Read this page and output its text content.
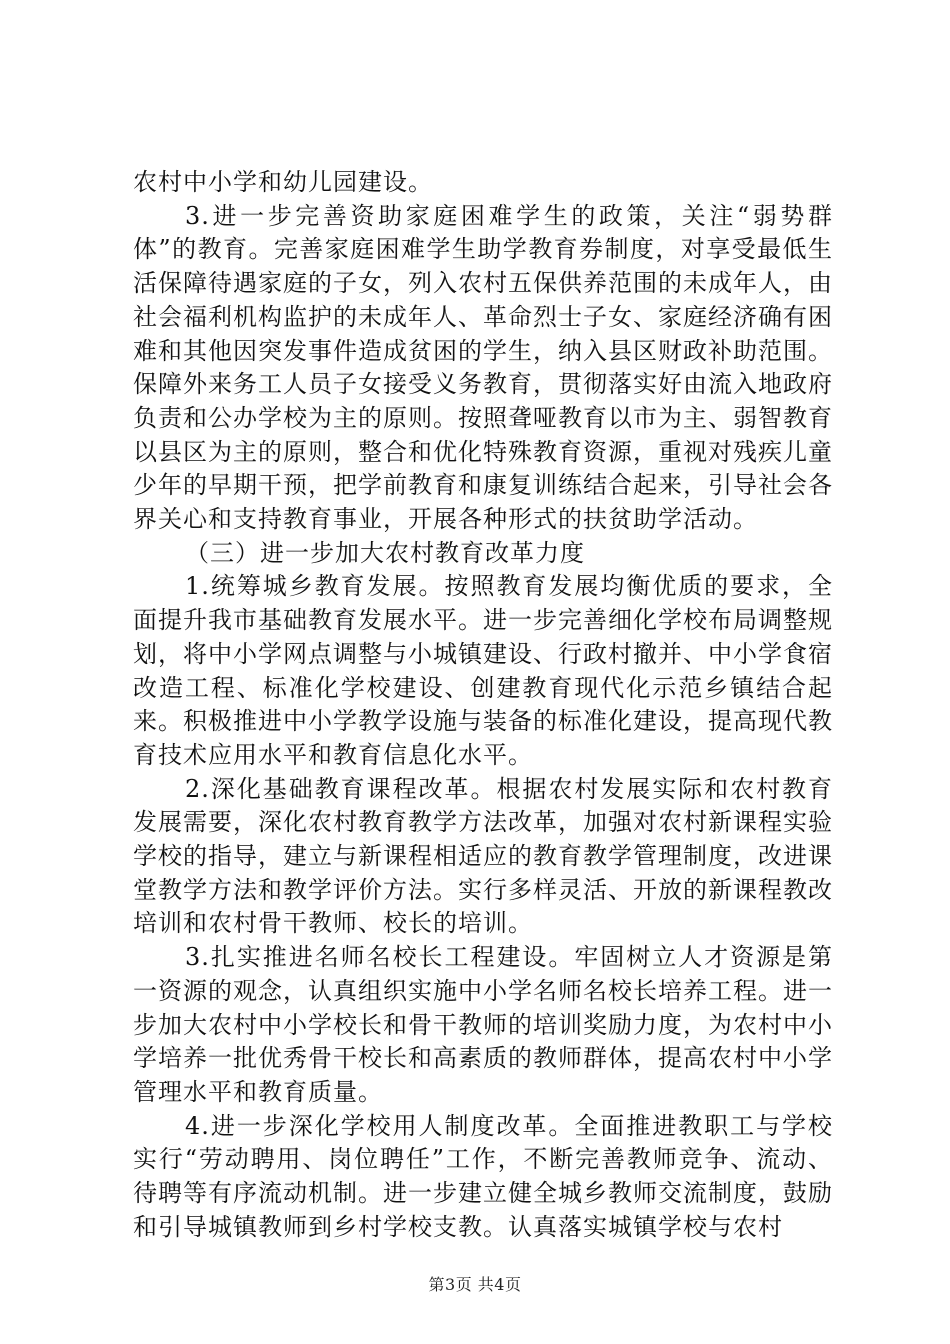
农村中小学和幼儿园建设。

3.进一步完善资助家庭困难学生的政策，关注“弱势群体”的教育。完善家庭困难学生助学教育券制度，对享受最低生活保障待遇家庭的子女，列入农村五保供养范围的未成年人，由社会福利机构监护的未成年人、革命烈士子女、家庭经济确有困难和其他因突发事件造成贫困的学生，纳入县区财政补助范围。保障外来务工人员子女接受义务教育，贯彻落实好由流入地政府负责和公办学校为主的原则。按照聋哑教育以市为主、弱智教育以县区为主的原则，整合和优化特殊教育资源，重视对残疾儿童少年的早期干预，把学前教育和康复训练结合起来，引导社会各界关心和支持教育事业，开展各种形式的扶贫助学活动。

（三）进一步加大农村教育改革力度

1.统筹城乡教育发展。按照教育发展均衡优质的要求，全面提升我市基础教育发展水平。进一步完善细化学校布局调整规划，将中小学网点调整与小城镇建设、行政村撤并、中小学食宿改造工程、标准化学校建设、创建教育现代化示范乡镇结合起来。积极推进中小学教学设施与装备的标准化建设，提高现代教育技术应用水平和教育信息化水平。

2.深化基础教育课程改革。根据农村发展实际和农村教育发展需要，深化农村教育教学方法改革，加强对农村新课程实验学校的指导，建立与新课程相适应的教育教学管理制度，改进课堂教学方法和教学评价方法。实行多样灵活、开放的新课程教改培训和农村骨干教师、校长的培训。

3.扎实推进名师名校长工程建设。牢固树立人才资源是第一资源的观念，认真组织实施中小学名师名校长培养工程。进一步加大农村中小学校长和骨干教师的培训奖励力度，为农村中小学培养一批优秀骨干校长和高素质的教师群体，提高农村中小学管理水平和教育质量。

4.进一步深化学校用人制度改革。全面推进教职工与学校实行“劳动聘用、岗位聘任”工作，不断完善教师竞争、流动、待聘等有序流动机制。进一步建立健全城乡教师交流制度，鼓励和引导城镇教师到乡村学校支教。认真落实城镇学校与农村

第3页 共4页
